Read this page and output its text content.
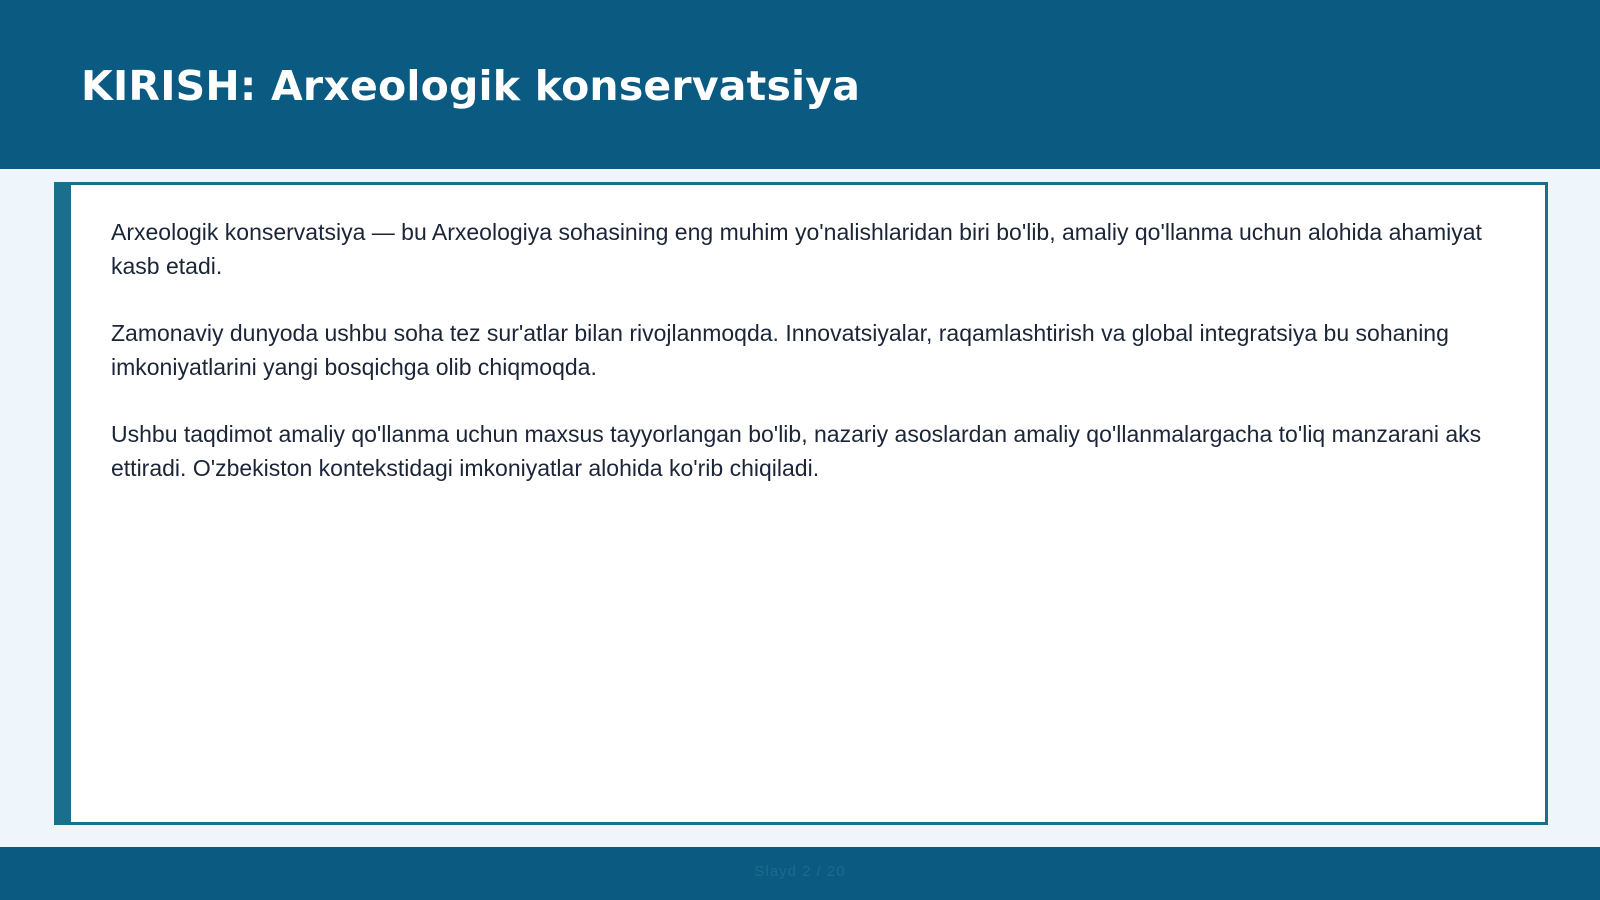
KIRISH: Arxeologik konservatsiya

Arxeologik konservatsiya — bu Arxeologiya sohasining eng muhim yo'nalishlaridan biri bo'lib, amaliy qo'llanma uchun alohida ahamiyat kasb etadi.

Zamonaviy dunyoda ushbu soha tez sur'atlar bilan rivojlanmoqda. Innovatsiyalar, raqamlashtirish va global integratsiya bu sohaning imkoniyatlarini yangi bosqichga olib chiqmoqda.

Ushbu taqdimot amaliy qo'llanma uchun maxsus tayyorlangan bo'lib, nazariy asoslardan amaliy qo'llanmalargacha to'liq manzarani aks ettiradi. O'zbekiston kontekstidagi imkoniyatlar alohida ko'rib chiqiladi.

Slayd 2 / 20
